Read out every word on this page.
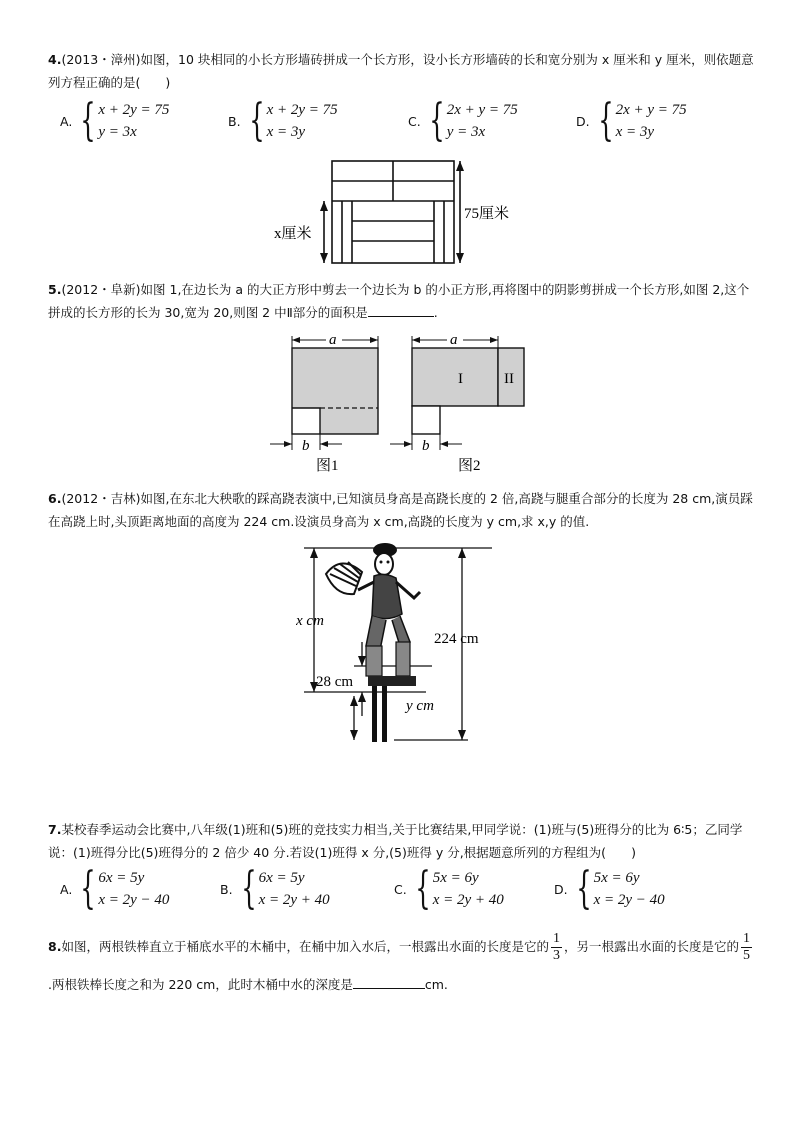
4.(2013・漳州)如图，10 块相同的小长方形墙砖拼成一个长方形，设小长方形墙砖的长和宽分别为 x 厘米和 y 厘米，则依题意列方程正确的是(　　)
A. { x + 2y = 75
y = 3x
B. { x + 2y = 75
x = 3y
C. { 2x + y = 75
y = 3x
D. { 2x + y = 75
x = 3y
x厘米
75厘米
5.(2012・阜新)如图 1,在边长为 a 的大正方形中剪去一个边长为 b 的小正方形,再将图中的阴影剪拼成一个长方形,如图 2,这个拼成的长方形的长为 30,宽为 20,则图 2 中Ⅱ部分的面积是	.
a
b
图1
a
I	II
b
图2
6.(2012・吉林)如图,在东北大秧歌的踩高跷表演中,已知演员身高是高跷长度的 2 倍,高跷与腿重合部分的长度为 28 cm,演员踩在高跷上时,头顶距离地面的高度为 224 cm.设演员身高为 x cm,高跷的长度为 y cm,求 x,y 的值.
x cm
28 cm
224 cm
y cm
7.某校春季运动会比赛中,八年级(1)班和(5)班的竞技实力相当,关于比赛结果,甲同学说：(1)班与(5)班得分的比为 6∶5；乙同学说：(1)班得分比(5)班得分的 2 倍少 40 分.若设(1)班得 x 分,(5)班得 y 分,根据题意所列的方程组为(　　)
A. { 6x = 5y
x = 2y − 40
B. { 6x = 5y
x = 2y + 40
C. { 5x = 6y
x = 2y + 40
D. { 5x = 6y
x = 2y − 40
8.如图，两根铁棒直立于桶底水平的木桶中，在桶中加入水后，一根露出水面的长度是它的 $\frac{1}{3}$ ，另一根露出水面的长度是它的 $\frac{1}{5}$
.两根铁棒长度之和为 220 cm，此时木桶中水的深度是	cm.
